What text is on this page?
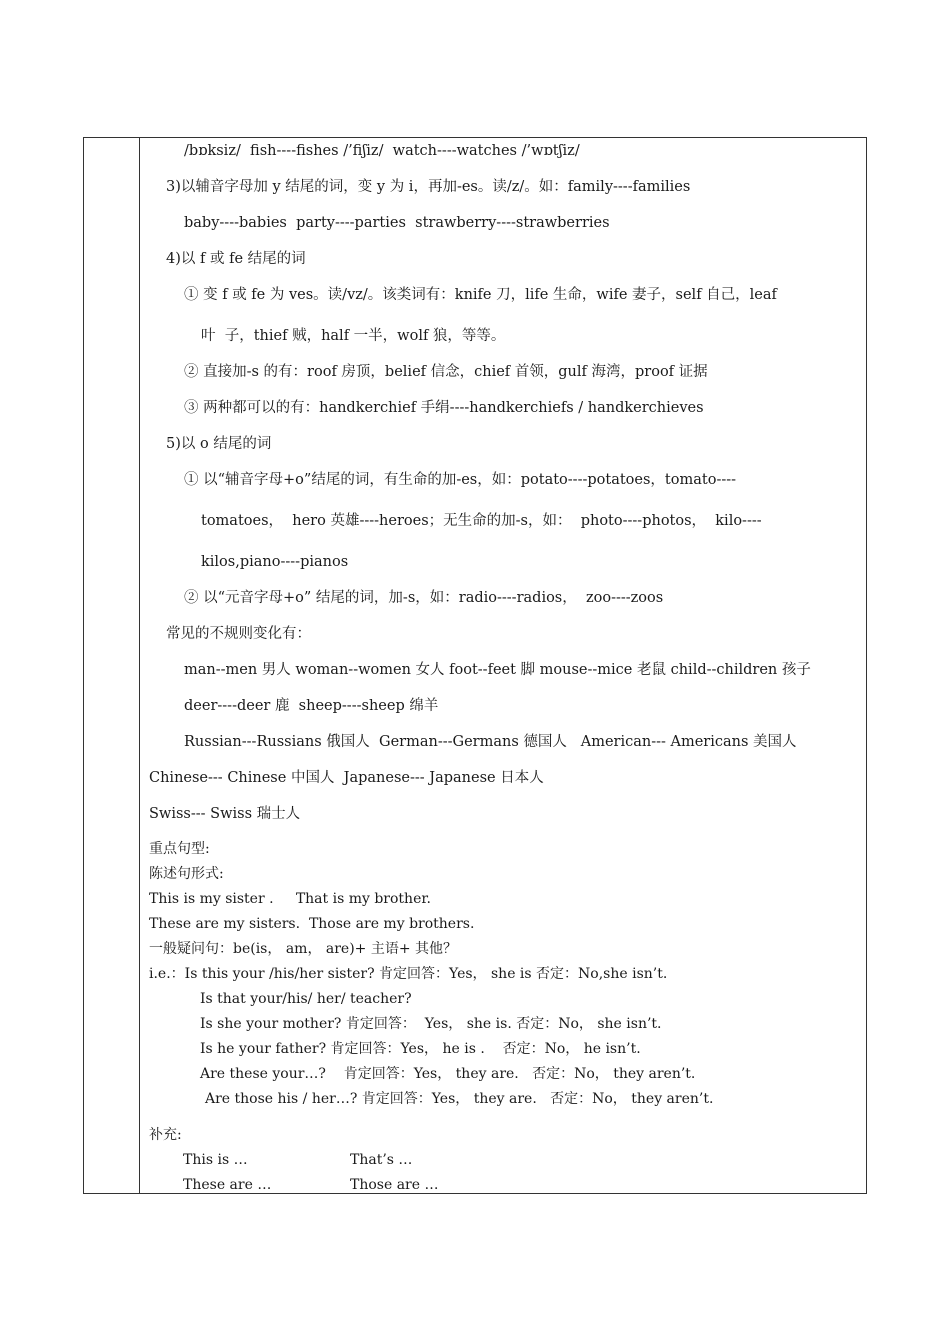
/bɒksiz/  fish----fishes /’fiʃiz/  watch----watches /’wɒtʃiz/
3)以辅音字母加 y 结尾的词，变 y 为 i，再加-es。读/z/。如：family----families
baby----babies  party----parties  strawberry----strawberries
4)以 f 或 fe 结尾的词
① 变 f 或 fe 为 ves。读/vz/。该类词有：knife 刀，life 生命，wife 妻子，self 自己，leaf
叶  子，thief 贼，half 一半，wolf 狼，等等。
② 直接加-s 的有：roof 房顶，belief 信念，chief 首领，gulf 海湾，proof 证据
③ 两种都可以的有：handkerchief 手绢----handkerchiefs / handkerchieves
5)以 o 结尾的词
① 以“辅音字母+o”结尾的词，有生命的加-es，如：potato----potatoes，tomato----
tomatoes，  hero 英雄----heroes；无生命的加-s，如：  photo----photos，  kilo----
kilos,piano----pianos
② 以“元音字母+o” 结尾的词，加-s，如：radio----radios，  zoo----zoos
常见的不规则变化有：
man--men 男人 woman--women 女人 foot--feet 脚 mouse--mice 老鼠 child--children 孩子
deer----deer 鹿  sheep----sheep 绵羊
Russian---Russians 俄国人  German---Germans 德国人   American--- Americans 美国人
Chinese--- Chinese 中国人  Japanese--- Japanese 日本人
Swiss--- Swiss 瑞士人
重点句型:
陈述句形式:
This is my sister .     That is my brother.
These are my sisters.  Those are my brothers.
一般疑问句：be(is， am， are)+ 主语+ 其他？
i.e.：Is this your /his/her sister? 肯定回答：Yes， she is 否定：No,she isn’t.
Is that your/his/ her/ teacher?
Is she your mother? 肯定回答：  Yes， she is. 否定：No， she isn’t.
Is he your father? 肯定回答：Yes， he is .    否定：No， he isn’t.
Are these your…?    肯定回答：Yes， they are.   否定：No， they aren’t.
Are those his / her…? 肯定回答：Yes， they are.   否定：No， they aren’t.
补充:
This is …	That’s …
These are …	Those are …
